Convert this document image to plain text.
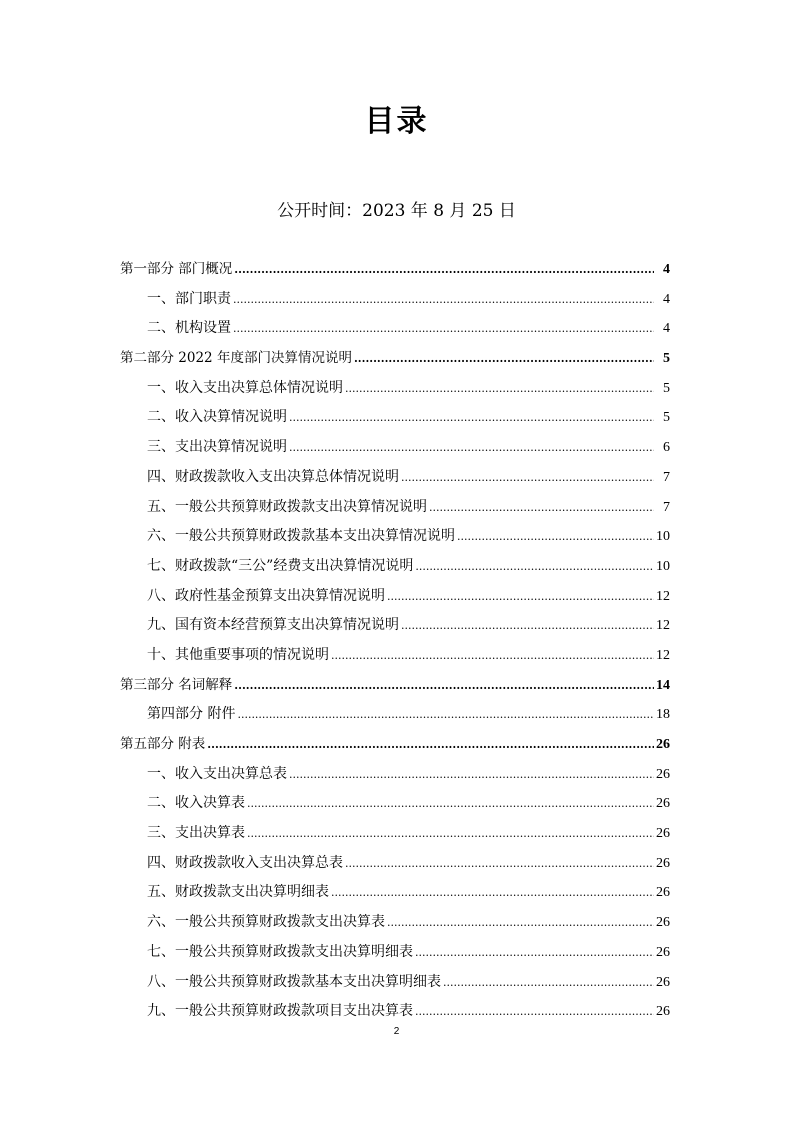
目录
公开时间：2023 年 8 月 25 日
第一部分 部门概况 .....	4
一、部门职责 .....	4
二、机构设置 .....	4
第二部分 2022 年度部门决算情况说明 .....	5
一、收入支出决算总体情况说明 .....	5
二、收入决算情况说明 .....	5
三、支出决算情况说明 .....	6
四、财政拨款收入支出决算总体情况说明 .....	7
五、一般公共预算财政拨款支出决算情况说明 .....	7
六、一般公共预算财政拨款基本支出决算情况说明 .....	10
七、财政拨款“三公”经费支出决算情况说明 .....	10
八、政府性基金预算支出决算情况说明 .....	12
九、国有资本经营预算支出决算情况说明 .....	12
十、其他重要事项的情况说明 .....	12
第三部分 名词解释 .....	14
第四部分 附件 .....	18
第五部分 附表 .....	26
一、收入支出决算总表 .....	26
二、收入决算表 .....	26
三、支出决算表 .....	26
四、财政拨款收入支出决算总表 .....	26
五、财政拨款支出决算明细表 .....	26
六、一般公共预算财政拨款支出决算表 .....	26
七、一般公共预算财政拨款支出决算明细表 .....	26
八、一般公共预算财政拨款基本支出决算明细表 .....	26
九、一般公共预算财政拨款项目支出决算表 .....	26
2
